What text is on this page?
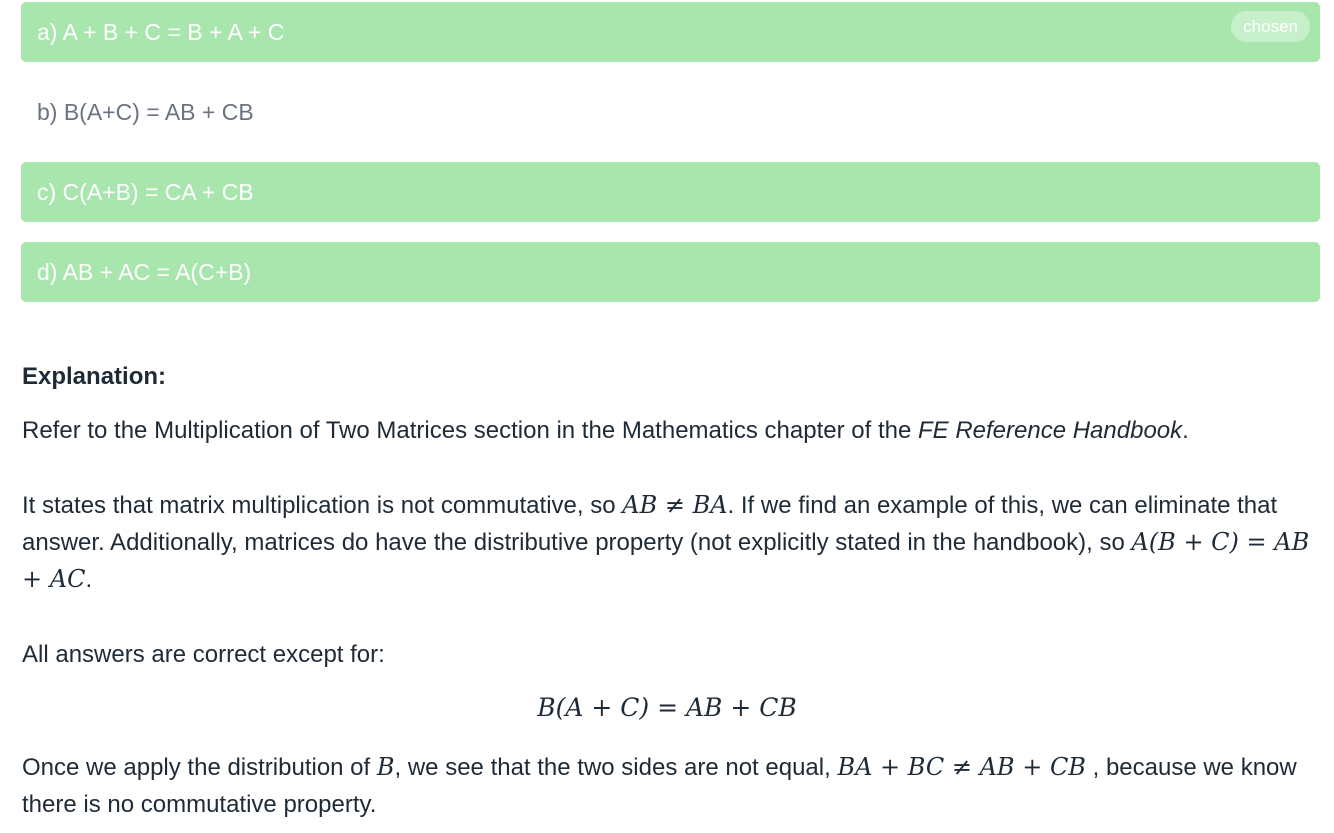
a) A + B + C = B + A + C	chosen
b) B(A+C) = AB + CB
c) C(A+B) = CA + CB
d) AB + AC = A(C+B)

Explanation:

Refer to the Multiplication of Two Matrices section in the Mathematics chapter of the FE Reference Handbook.

It states that matrix multiplication is not commutative, so AB ≠ BA. If we find an example of this, we can eliminate that answer. Additionally, matrices do have the distributive property (not explicitly stated in the handbook), so A(B + C) = AB + AC.

All answers are correct except for:

B(A + C) = AB + CB

Once we apply the distribution of B, we see that the two sides are not equal, BA + BC ≠ AB + CB , because we know there is no commutative property.
